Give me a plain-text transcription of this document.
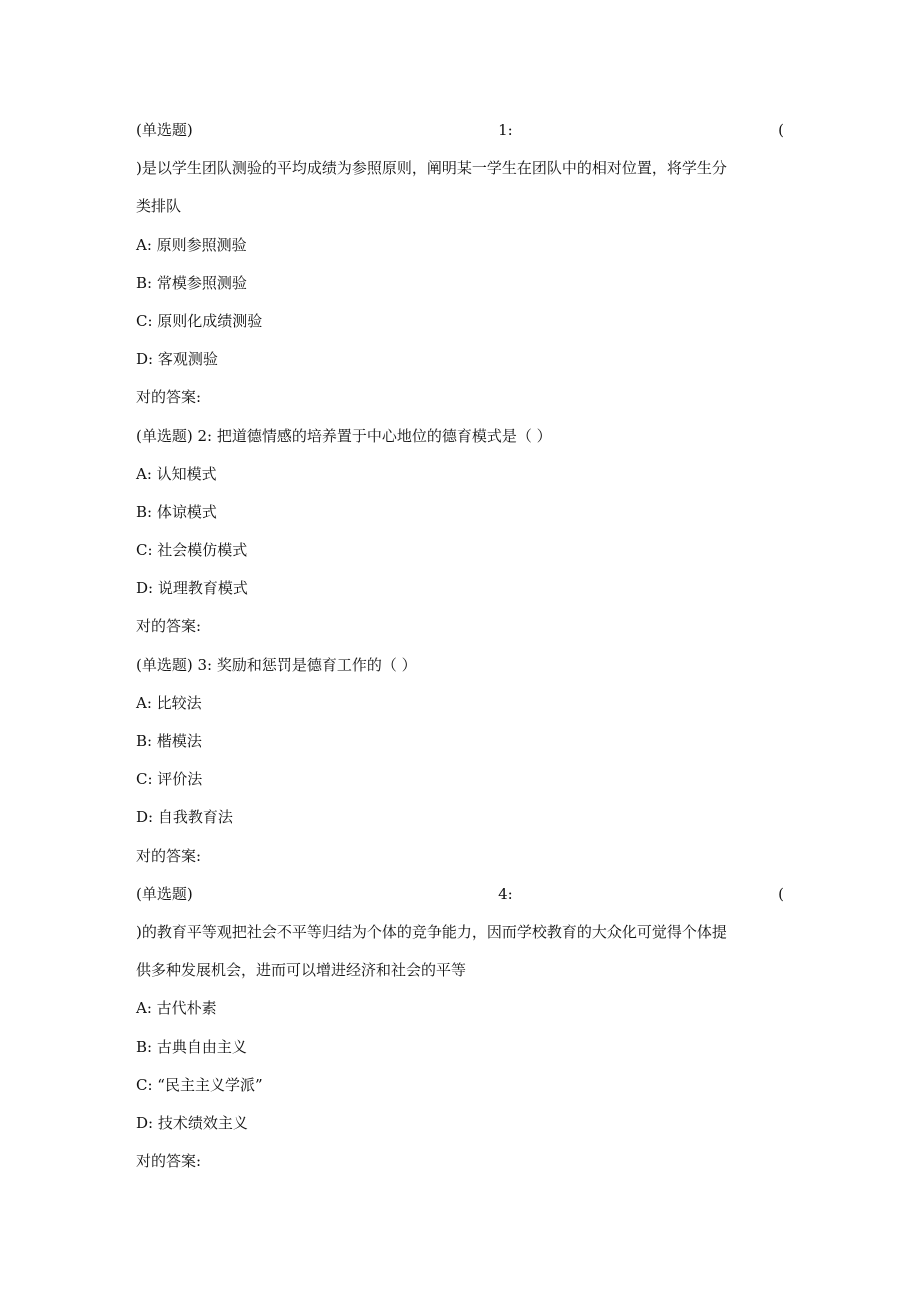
(单选题)	1:	(
)是以学生团队测验的平均成绩为参照原则，阐明某一学生在团队中的相对位置，将学生分
类排队
A: 原则参照测验
B: 常模参照测验
C: 原则化成绩测验
D: 客观测验
对的答案:
(单选题) 2: 把道德情感的培养置于中心地位的德育模式是（ ）
A: 认知模式
B: 体谅模式
C: 社会模仿模式
D: 说理教育模式
对的答案:
(单选题) 3: 奖励和惩罚是德育工作的（ ）
A: 比较法
B: 楷模法
C: 评价法
D: 自我教育法
对的答案:
(单选题)	4:	(
)的教育平等观把社会不平等归结为个体的竞争能力，因而学校教育的大众化可觉得个体提
供多种发展机会，进而可以增进经济和社会的平等
A: 古代朴素
B: 古典自由主义
C: “民主主义学派”
D: 技术绩效主义
对的答案:
